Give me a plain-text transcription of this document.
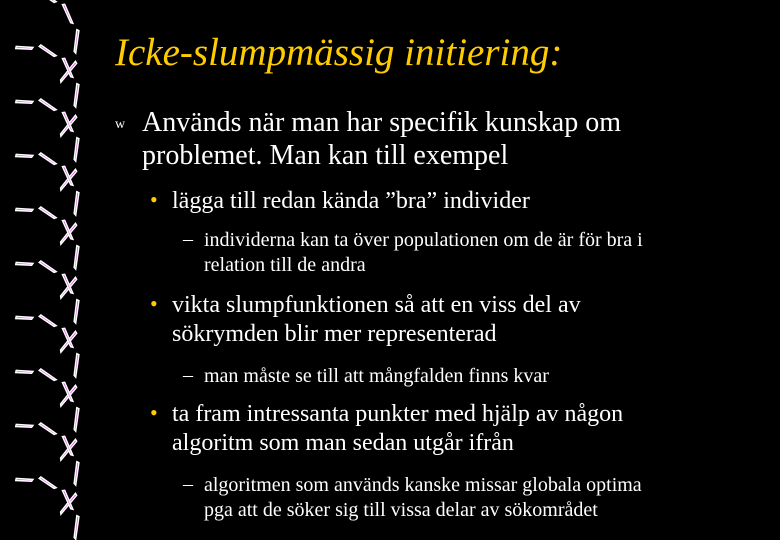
Icke-slumpmässig initiering:
w Används när man har specifik kunskap om
problemet. Man kan till exempel
• lägga till redan kända ”bra” individer
– individerna kan ta över populationen om de är för bra i
relation till de andra
• vikta slumpfunktionen så att en viss del av
sökrymden blir mer representerad
– man måste se till att mångfalden finns kvar
• ta fram intressanta punkter med hjälp av någon
algoritm som man sedan utgår ifrån
– algoritmen som används kanske missar globala optima
pga att de söker sig till vissa delar av sökområdet
